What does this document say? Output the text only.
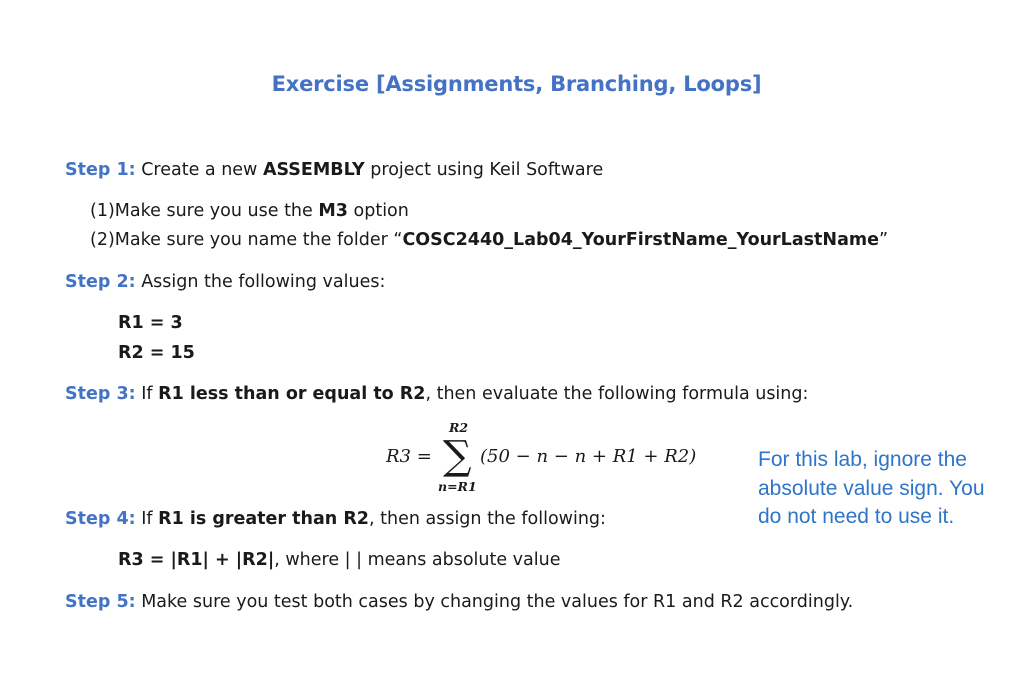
Exercise [Assignments, Branching, Loops]
Step 1: Create a new ASSEMBLY project using Keil Software
(1)Make sure you use the M3 option
(2)Make sure you name the folder “COSC2440_Lab04_YourFirstName_YourLastName”
Step 2: Assign the following values:
R1 = 3
R2 = 15
Step 3: If R1 less than or equal to R2, then evaluate the following formula using:
R3 =
R2
∑
n=R1
(50 − n − n + R1 + R2)
Step 4: If R1 is greater than R2, then assign the following:
R3 = |R1| + |R2|, where | | means absolute value
Step 5: Make sure you test both cases by changing the values for R1 and R2 accordingly.
For this lab, ignore the absolute value sign. You do not need to use it.
